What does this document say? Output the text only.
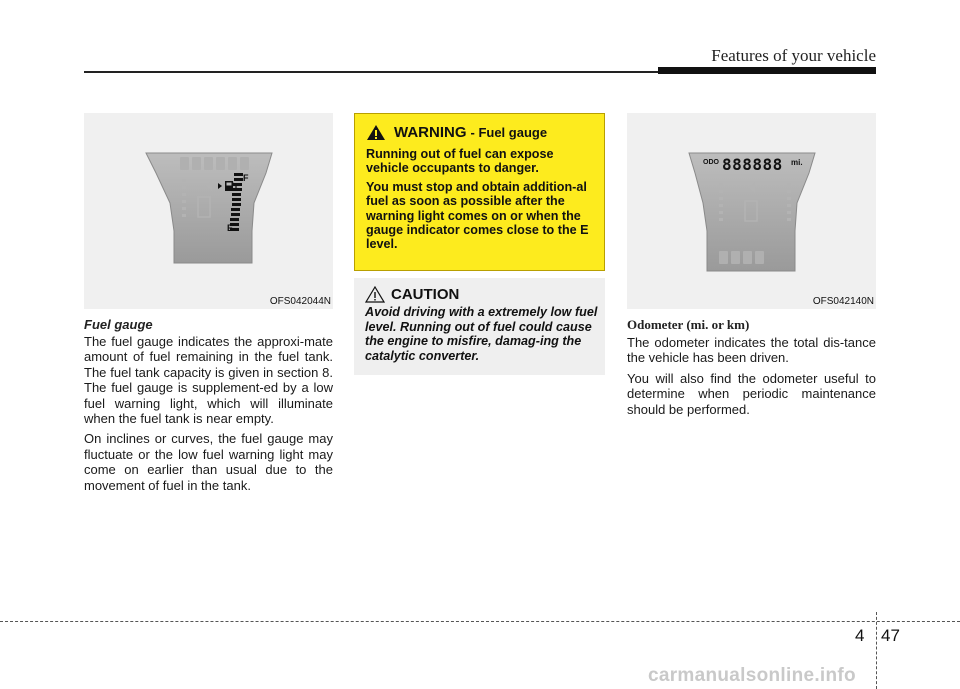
Features of your vehicle
F
E
OFS042044N
Fuel gauge

The fuel gauge indicates the approxi-mate amount of fuel remaining in the fuel tank. The fuel tank capacity is given in section 8. The fuel gauge is supplement-ed by a low fuel warning light, which will illuminate when the fuel tank is near empty.

On inclines or curves, the fuel gauge may fluctuate or the low fuel warning light may come on earlier than usual due to the movement of fuel in the tank.

WARNING - Fuel gauge

Running out of fuel can expose vehicle occupants to danger.

You must stop and obtain addition-al fuel as soon as possible after the warning light comes on or when the gauge indicator comes close to the E level.

CAUTION

Avoid driving with a extremely low fuel level. Running out of fuel could cause the engine to misfire, damag-ing the catalytic converter.

ODO 888888 mi.
OFS042140N
Odometer (mi. or km)

The odometer indicates the total dis-tance the vehicle has been driven.

You will also find the odometer useful to determine when periodic maintenance should be performed.

4 47
carmanualsonline.info
